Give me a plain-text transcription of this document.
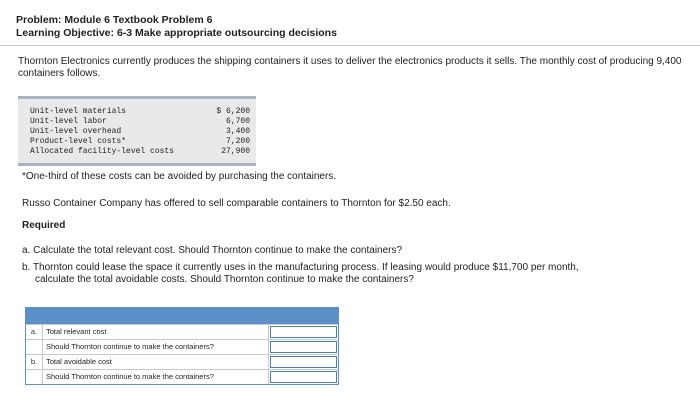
Problem: Module 6 Textbook Problem 6
Learning Objective: 6-3 Make appropriate outsourcing decisions
Thornton Electronics currently produces the shipping containers it uses to deliver the electronics products it sells. The monthly cost of producing 9,400 containers follows.
Unit-level materials	$ 6,200
Unit-level labor	6,700
Unit-level overhead	3,400
Product-level costs*	7,200
Allocated facility-level costs	27,900
*One-third of these costs can be avoided by purchasing the containers.
Russo Container Company has offered to sell comparable containers to Thornton for $2.50 each.
Required
a. Calculate the total relevant cost. Should Thornton continue to make the containers?
b. Thornton could lease the space it currently uses in the manufacturing process. If leasing would produce $11,700 per month,
calculate the total avoidable costs. Should Thornton continue to make the containers?
a.	Total relevant cost
Should Thornton continue to make the containers?
b.	Total avoidable cost
Should Thornton continue to make the containers?
